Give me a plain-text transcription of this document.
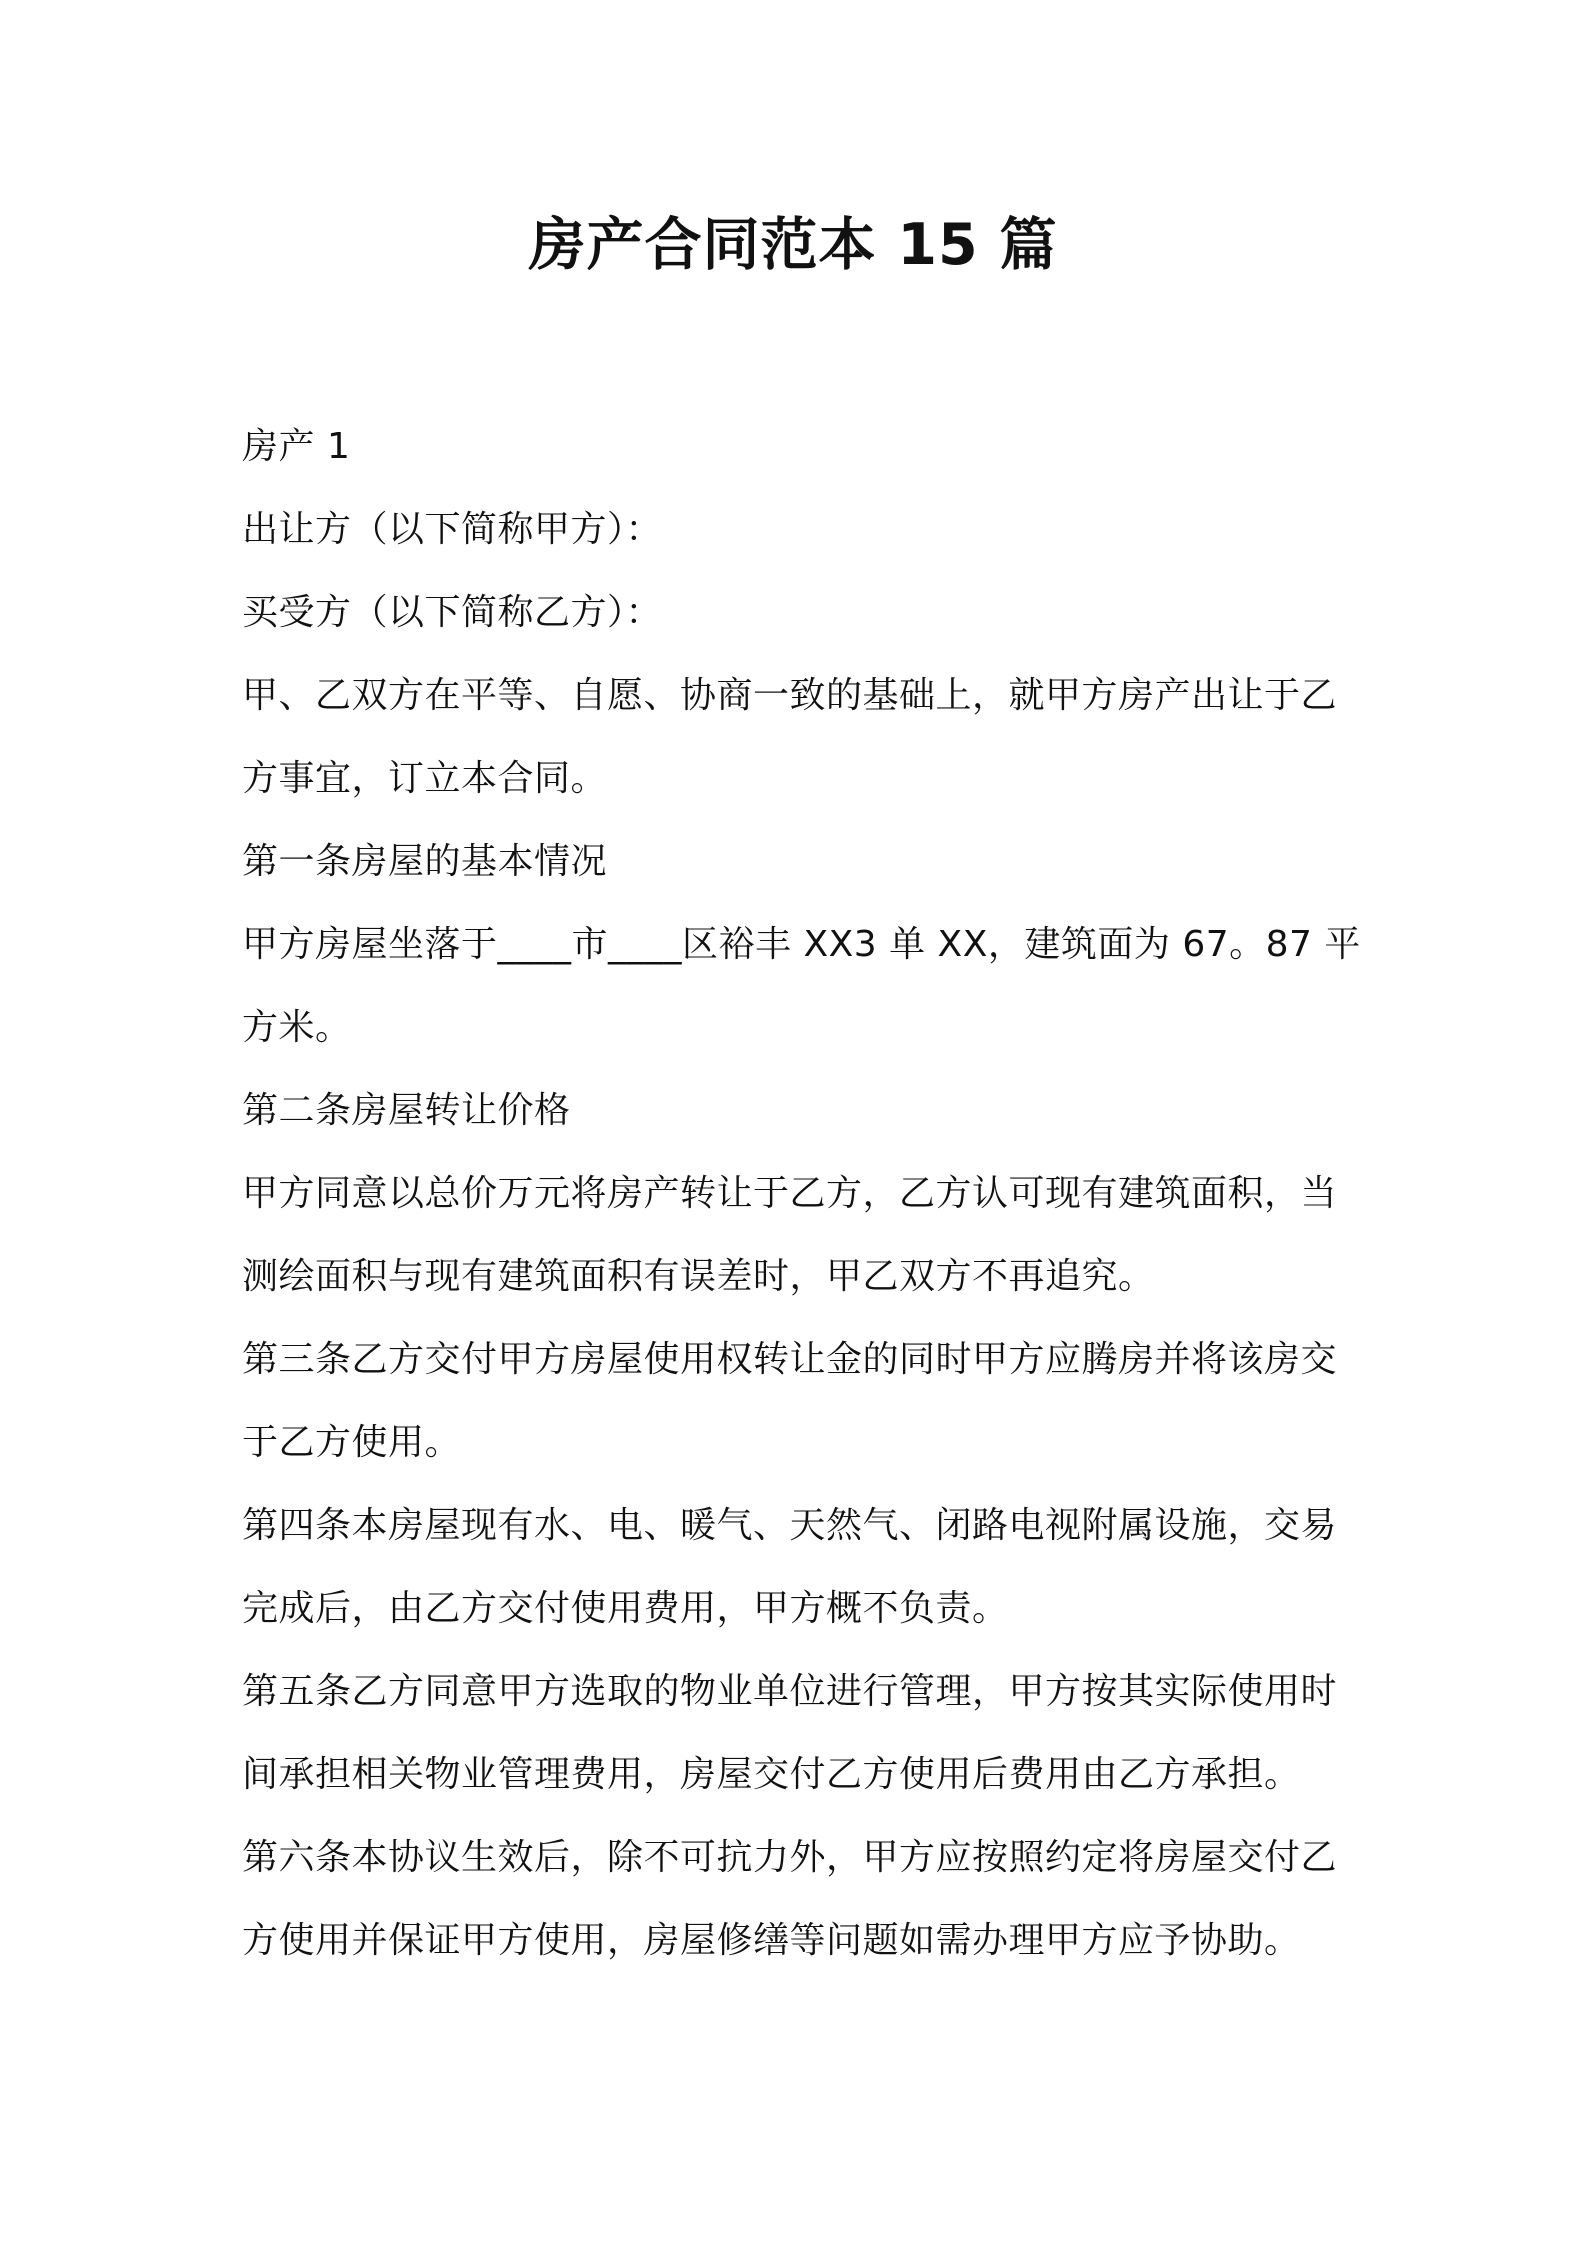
房产合同范本 15 篇

房产 1

出让方（以下简称甲方）：

买受方（以下简称乙方）：

甲、乙双方在平等、自愿、协商一致的基础上，就甲方房产出让于乙方事宜，订立本合同。

第一条房屋的基本情况

甲方房屋坐落于____市____区裕丰 XX3 单 XX，建筑面为 67。87 平方米。

第二条房屋转让价格

甲方同意以总价万元将房产转让于乙方，乙方认可现有建筑面积，当测绘面积与现有建筑面积有误差时，甲乙双方不再追究。

第三条乙方交付甲方房屋使用权转让金的同时甲方应腾房并将该房交于乙方使用。

第四条本房屋现有水、电、暖气、天然气、闭路电视附属设施，交易完成后，由乙方交付使用费用，甲方概不负责。

第五条乙方同意甲方选取的物业单位进行管理，甲方按其实际使用时间承担相关物业管理费用，房屋交付乙方使用后费用由乙方承担。

第六条本协议生效后，除不可抗力外，甲方应按照约定将房屋交付乙方使用并保证甲方使用，房屋修缮等问题如需办理甲方应予协助。
